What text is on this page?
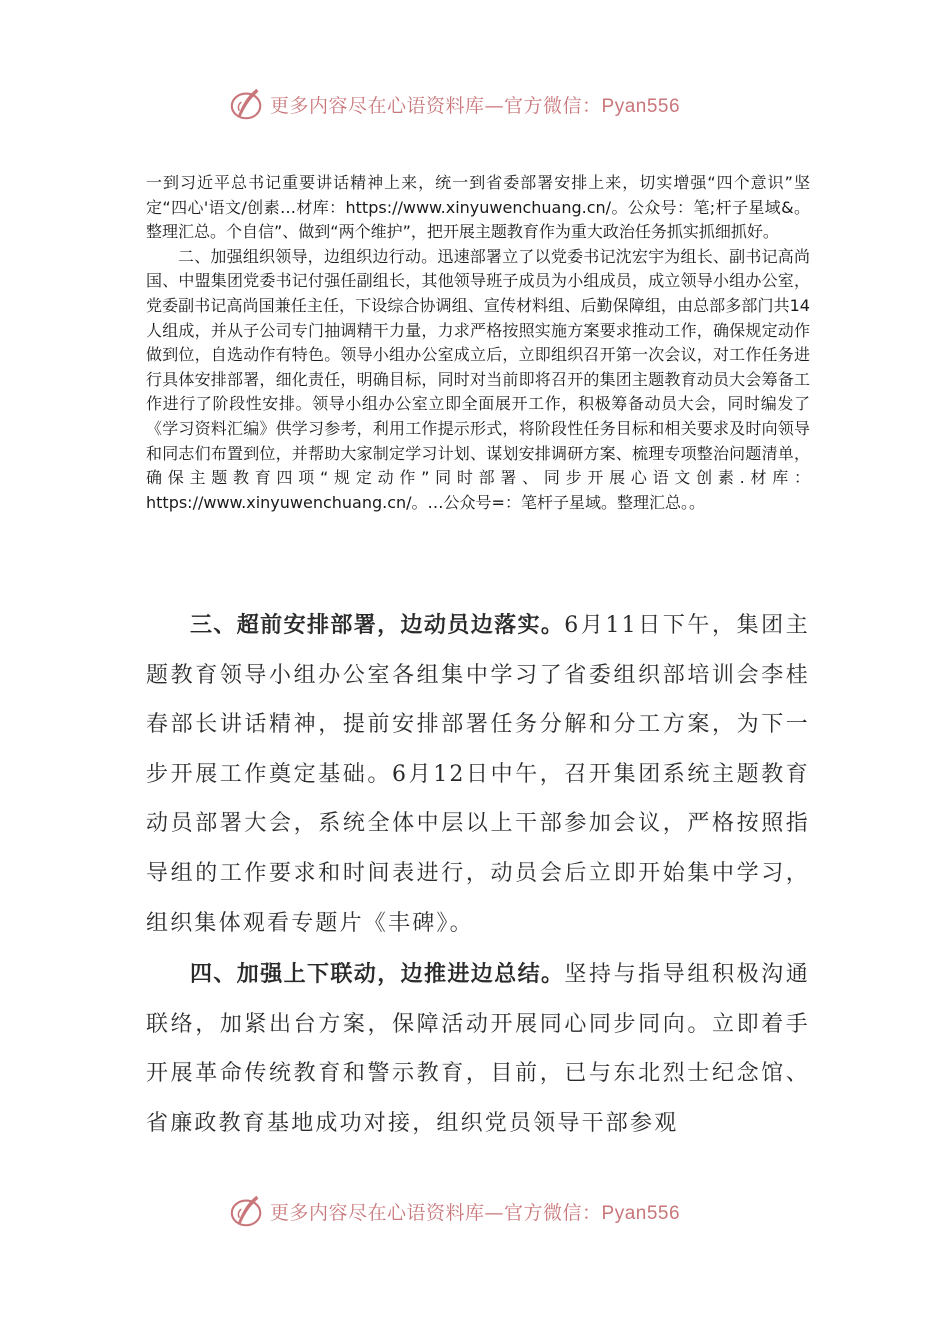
更多内容尽在心语资料库—官方微信：Pyan556

一到习近平总书记重要讲话精神上来，统一到省委部署安排上来，切实增强“四个意识”坚定“四心'语文/创素…材库：https://www.xinyuwenchuang.cn/。公众号：笔;杆子星域&。整理汇总。个自信”、做到“两个维护”，把开展主题教育作为重大政治任务抓实抓细抓好。

二、加强组织领导，边组织边行动。迅速部署立了以党委书记沈宏宇为组长、副书记高尚国、中盟集团党委书记付强任副组长，其他领导班子成员为小组成员，成立领导小组办公室，党委副书记高尚国兼任主任，下设综合协调组、宣传材料组、后勤保障组，由总部多部门共14人组成，并从子公司专门抽调精干力量，力求严格按照实施方案要求推动工作，确保规定动作做到位，自选动作有特色。领导小组办公室成立后，立即组织召开第一次会议，对工作任务进行具体安排部署，细化责任，明确目标，同时对当前即将召开的集团主题教育动员大会筹备工作进行了阶段性安排。领导小组办公室立即全面展开工作，积极筹备动员大会，同时编发了《学习资料汇编》供学习参考，利用工作提示形式，将阶段性任务目标和相关要求及时向领导和同志们布置到位，并帮助大家制定学习计划、谋划安排调研方案、梳理专项整治问题清单，确保主题教育四项“规定动作”同时部署、同步开展心语文创素.材库：https://www.xinyuwenchuang.cn/。…公众号=：笔杆子星域。整理汇总。。

三、超前安排部署，边动员边落实。6月11日下午，集团主题教育领导小组办公室各组集中学习了省委组织部培训会李桂春部长讲话精神，提前安排部署任务分解和分工方案，为下一步开展工作奠定基础。6月12日中午，召开集团系统主题教育动员部署大会，系统全体中层以上干部参加会议，严格按照指导组的工作要求和时间表进行，动员会后立即开始集中学习，组织集体观看专题片《丰碑》。

四、加强上下联动，边推进边总结。坚持与指导组积极沟通联络，加紧出台方案，保障活动开展同心同步同向。立即着手开展革命传统教育和警示教育，目前，已与东北烈士纪念馆、省廉政教育基地成功对接，组织党员领导干部参观

更多内容尽在心语资料库—官方微信：Pyan556
